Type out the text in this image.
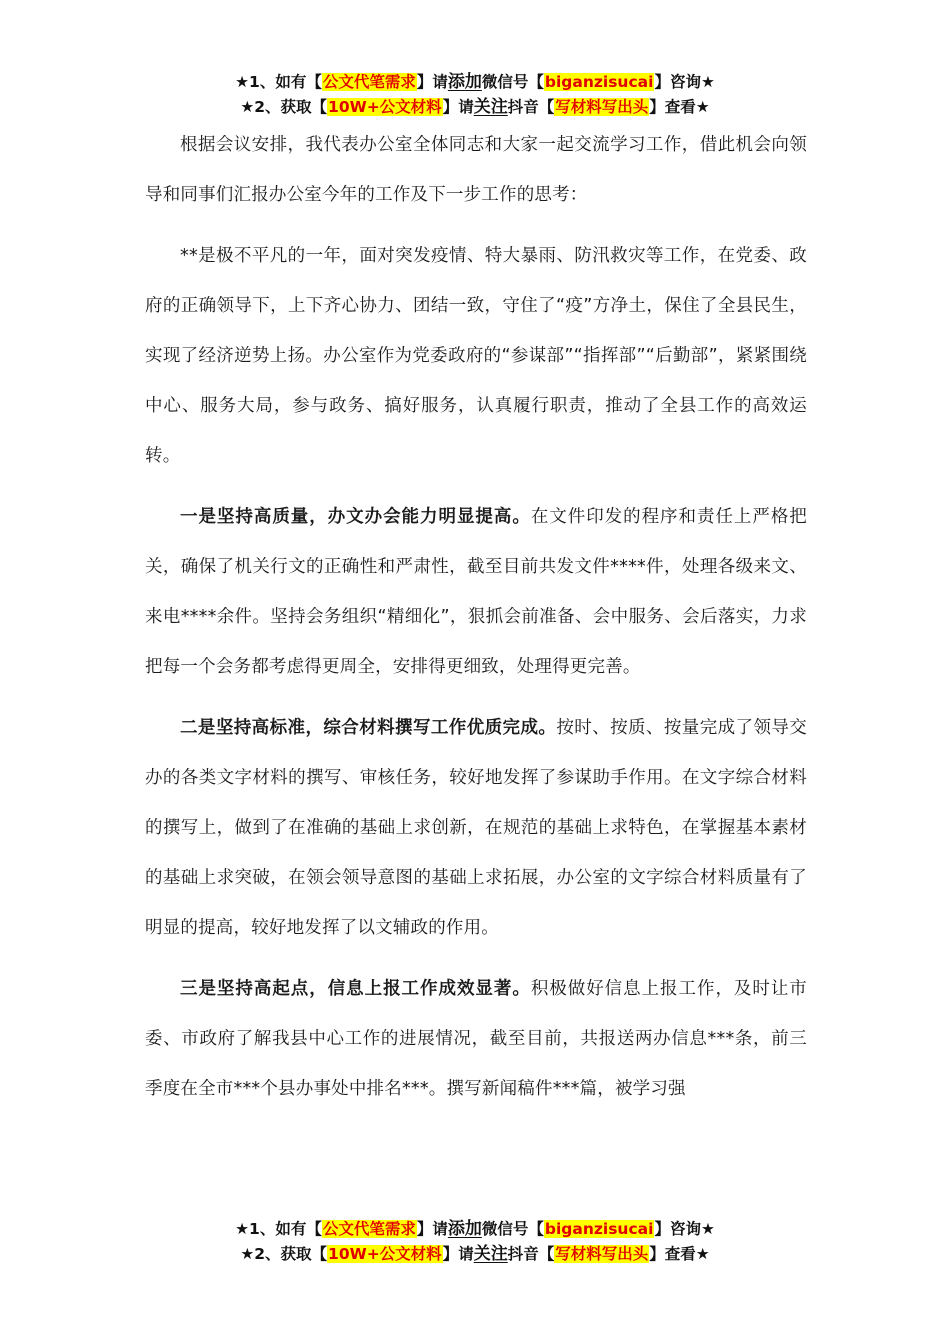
★1、如有【公文代笔需求】请添加微信号【biganzisucai】咨询★
★2、获取【10W+公文材料】请关注抖音【写材料写出头】查看★

根据会议安排，我代表办公室全体同志和大家一起交流学习工作，借此机会向领导和同事们汇报办公室今年的工作及下一步工作的思考：

**是极不平凡的一年，面对突发疫情、特大暴雨、防汛救灾等工作，在党委、政府的正确领导下，上下齐心协力、团结一致，守住了“疫”方净土，保住了全县民生，实现了经济逆势上扬。办公室作为党委政府的“参谋部”“指挥部”“后勤部”，紧紧围绕中心、服务大局，参与政务、搞好服务，认真履行职责，推动了全县工作的高效运转。

一是坚持高质量，办文办会能力明显提高。在文件印发的程序和责任上严格把关，确保了机关行文的正确性和严肃性，截至目前共发文件****件，处理各级来文、来电****余件。坚持会务组织“精细化”，狠抓会前准备、会中服务、会后落实，力求把每一个会务都考虑得更周全，安排得更细致，处理得更完善。

二是坚持高标准，综合材料撰写工作优质完成。按时、按质、按量完成了领导交办的各类文字材料的撰写、审核任务，较好地发挥了参谋助手作用。在文字综合材料的撰写上，做到了在准确的基础上求创新，在规范的基础上求特色，在掌握基本素材的基础上求突破，在领会领导意图的基础上求拓展，办公室的文字综合材料质量有了明显的提高，较好地发挥了以文辅政的作用。

三是坚持高起点，信息上报工作成效显著。积极做好信息上报工作，及时让市委、市政府了解我县中心工作的进展情况，截至目前，共报送两办信息***条，前三季度在全市***个县办事处中排名***。撰写新闻稿件***篇，被学习强

★1、如有【公文代笔需求】请添加微信号【biganzisucai】咨询★
★2、获取【10W+公文材料】请关注抖音【写材料写出头】查看★
